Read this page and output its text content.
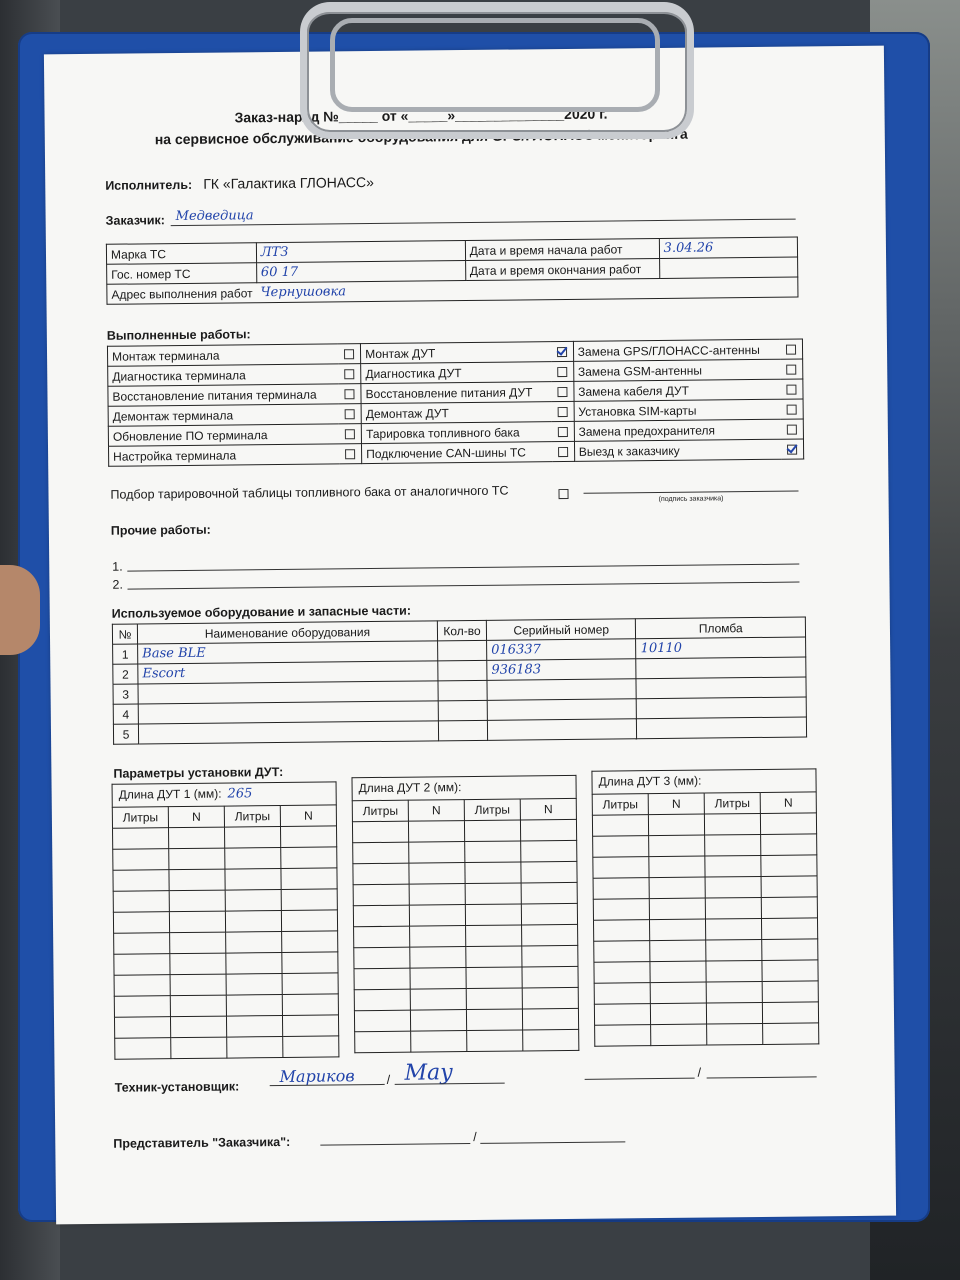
Заказ-наряд №_____ от «_____»______________2020 г.
на сервисное обслуживание оборудования для GPS/ГЛОНАСС мониторинга
Исполнитель: ГК «Галактика ГЛОНАСС»
Заказчик: Медведица
Марка ТС	ЛТЗ	Дата и время начала работ	3.04.26
Гос. номер ТС	60 17	Дата и время окончания работ	
Адрес выполнения работ	Чернушовка		
Выполненные работы:
Монтаж терминала		Монтаж ДУТ		Замена GPS/ГЛОНАСС-антенны	
Диагностика терминала		Диагностика ДУТ		Замена GSM-антенны	
Восстановление питания терминала		Восстановление питания ДУТ		Замена кабеля ДУТ	
Демонтаж терминала		Демонтаж ДУТ		Установка SIM-карты	
Обновление ПО терминала		Тарировка топливного бака		Замена предохранителя	
Настройка терминала		Подключение CAN-шины ТС		Выезд к заказчику	
Подбор тарировочной таблицы топливного бака от аналогичного ТС	(подпись заказчика)
Прочие работы:
1.
2.
Используемое оборудование и запасные части:
№	Наименование оборудования	Кол-во	Серийный номер	Пломба
1	Base BLE		016337	10110
2	Escort		936183	
3				
4				
5				
Параметры установки ДУТ:
Длина ДУТ 1 (мм): 265
Литры	N	Литры	N

Длина ДУТ 2 (мм):
Литры	N	Литры	N

Длина ДУТ 3 (мм):
Литры	N	Литры	N

Техник-установщик:
Мариков	/ Мау	/
Представитель "Заказчика":	/
